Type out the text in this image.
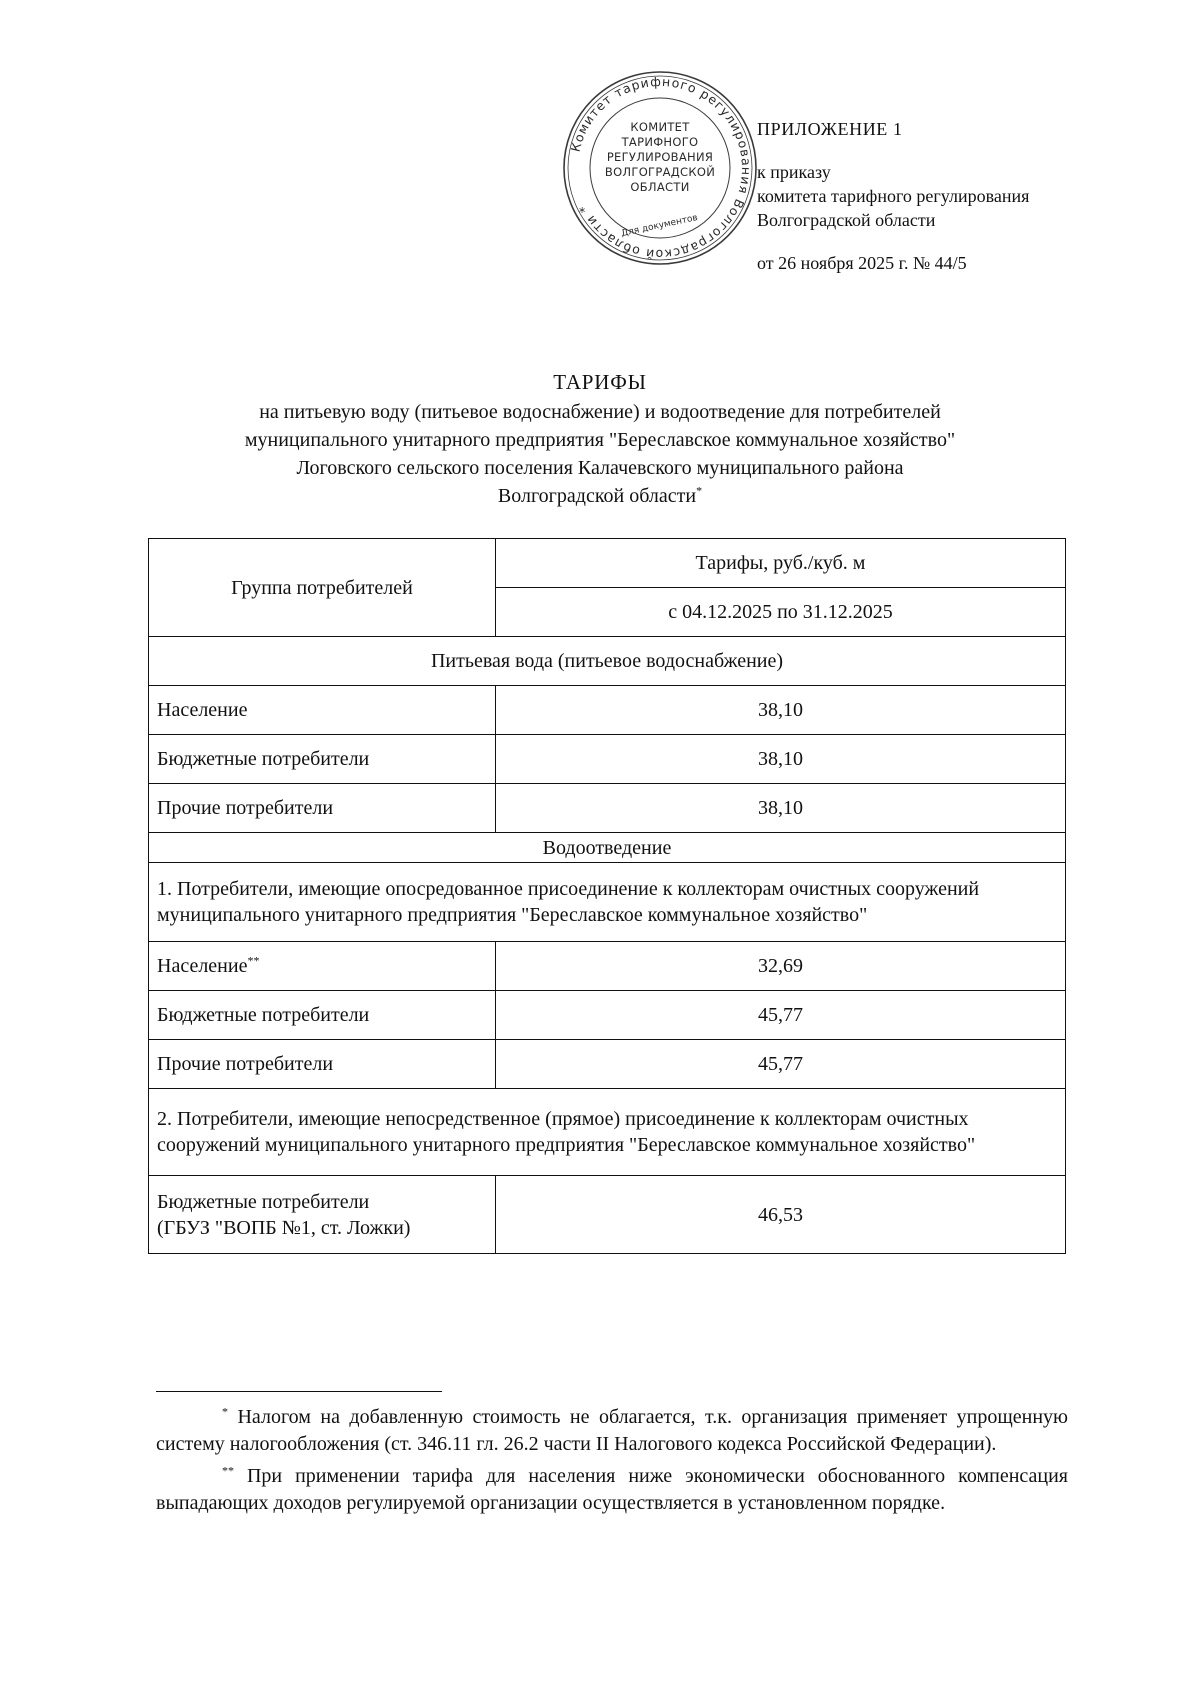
Комитет тарифного регулирования Волгоградской области *
Для документов
КОМИТЕТ
ТАРИФНОГО
РЕГУЛИРОВАНИЯ
ВОЛГОГРАДСКОЙ
ОБЛАСТИ
ПРИЛОЖЕНИЕ 1
к приказу
комитета тарифного регулирования
Волгоградской области
от 26 ноября 2025 г. № 44/5
ТАРИФЫ
на питьевую воду (питьевое водоснабжение) и водоотведение для потребителей
муниципального унитарного предприятия "Береславское коммунальное хозяйство"
Логовского сельского поселения Калачевского муниципального района
Волгоградской области*
Группа потребителей	Тарифы, руб./куб. м
	с 04.12.2025 по 31.12.2025
Питьевая вода (питьевое водоснабжение)	
Население	38,10
Бюджетные потребители	38,10
Прочие потребители	38,10
Водоотведение	
1. Потребители, имеющие опосредованное присоединение к коллекторам очистных сооружений муниципального унитарного предприятия "Береславское коммунальное хозяйство"	
Население**	32,69
Бюджетные потребители	45,77
Прочие потребители	45,77
2. Потребители, имеющие непосредственное (прямое) присоединение к коллекторам очистных сооружений муниципального унитарного предприятия "Береславское коммунальное хозяйство"	

Бюджетные потребители
(ГБУЗ "ВОПБ №1, ст. Ложки)	46,53

* Налогом на добавленную стоимость не облагается, т.к. организация применяет упрощенную систему налогообложения (ст. 346.11 гл. 26.2 части II Налогового кодекса Российской Федерации).

** При применении тарифа для населения ниже экономически обоснованного компенсация выпадающих доходов регулируемой организации осуществляется в установленном порядке.
